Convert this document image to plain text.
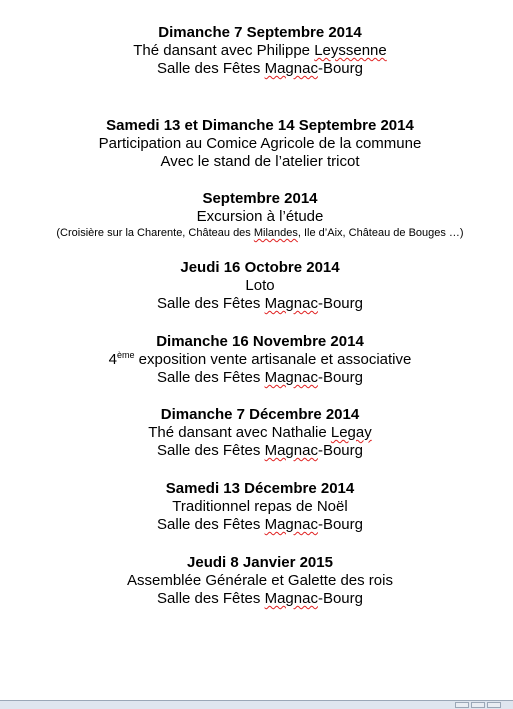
Dimanche 7 Septembre 2014
Thé dansant avec Philippe Leyssenne
Salle des Fêtes Magnac-Bourg
Samedi 13 et Dimanche 14 Septembre 2014
Participation au Comice Agricole de la commune
Avec le stand de l’atelier tricot
Septembre 2014
Excursion à l’étude
(Croisière sur la Charente, Château des Milandes, Ile d’Aix, Château de Bouges …)
Jeudi 16 Octobre 2014
Loto
Salle des Fêtes Magnac-Bourg
Dimanche 16 Novembre 2014
4ème exposition vente artisanale et associative
Salle des Fêtes Magnac-Bourg
Dimanche 7 Décembre 2014
Thé dansant avec Nathalie Legay
Salle des Fêtes Magnac-Bourg
Samedi 13 Décembre 2014
Traditionnel repas de Noël
Salle des Fêtes Magnac-Bourg
Jeudi 8 Janvier 2015
Assemblée Générale et Galette des rois
Salle des Fêtes Magnac-Bourg
